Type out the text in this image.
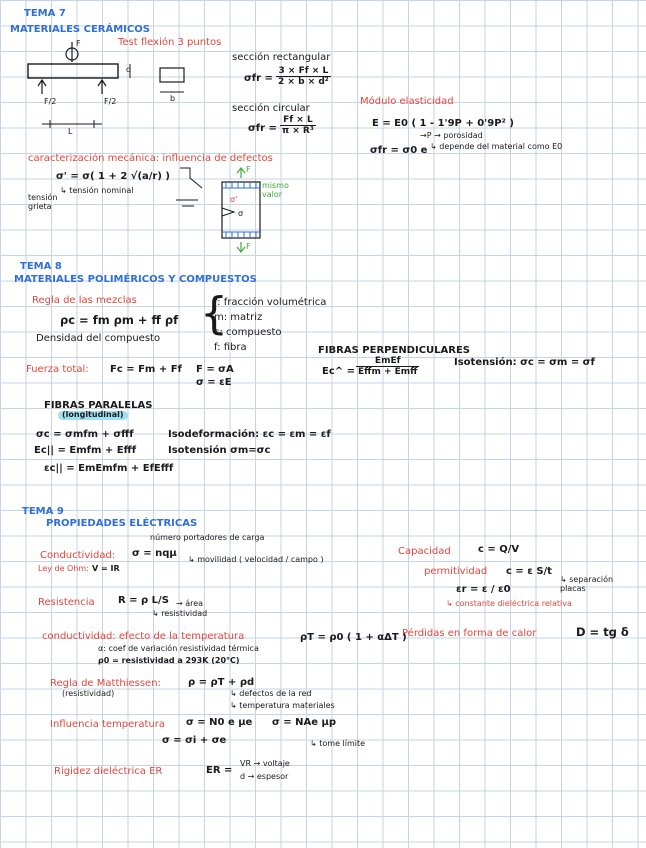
TEMA 7
MATERIALES CERÁMICOS
Test flexión 3 puntos
F
d
F/2	F/2
L
b
sección rectangular
$\sigma fr = \frac{3 \times Ff \times L}{\text{2 × b × d²}}$
sección circular
$\sigma fr = \frac{Ff \times L}{\text{π × R³}}$
Módulo elasticidad
E = E0 ( 1 - 1'9P + 0'9P² )
→P → porosidad
σfr = σ0 e ↳ depende del material como E0
caracterización mecánica: influencia de defectos
σ' = σ( 1 + 2 √(a/r) )
↳ tensión nominal
tensión grieta
F
F
σ'
σ
mismo valor
TEMA 8
MATERIALES POLIMÉRICOS Y COMPUESTOS
Regla de las mezclas
ρc = fm ρm + ff ρf
Densidad del compuesto {
f: fracción volumétrica
m: matriz
c: compuesto
f: fibra
Fuerza total: Fc = Fm + Ff F = σA
σ = εE
FIBRAS PERPENDICULARES
Ec^ =
EmEf
Effm + Emff
Isotensión: σc = σm = σf
FIBRAS PARALELAS
(longitudinal)
σc = σmfm + σfff	Isodeformación: εc = εm = εf
Ec|| = Emfm + Efff	Isotensión σm=σc
εc|| = EmEmfm + EfEfff
TEMA 9
PROPIEDADES ELÉCTRICAS
número portadores de carga
Conductividad: σ = nqμ
↳ movilidad ( velocidad / campo )
Ley de Ohm: V = IR
Resistencia R = ρ L/S → área
↳ resistividad
Capacidad	c = Q/V
permitividad c = ε S/t
↳ separación placas
εr = ε / ε0
↳ constante dieléctrica relativa
conductividad: efecto de la temperatura	ρT = ρ0 ( 1 + αΔT )
α: coef de variación resistividad térmica
ρ0 = resistividad a 293K (20°C)
Pérdidas en forma de calor	D = tg δ
Regla de Matthiessen:	ρ = ρT + ρd
(resistividad)	↳ defectos de la red
↳ temperatura materiales
Influencia temperatura σ = N0 e μe σ = NAe μp
σ = σi + σe	↳ tome límite
Rigidez dieléctrica ER	ER =
VR → voltaje
d → espesor
